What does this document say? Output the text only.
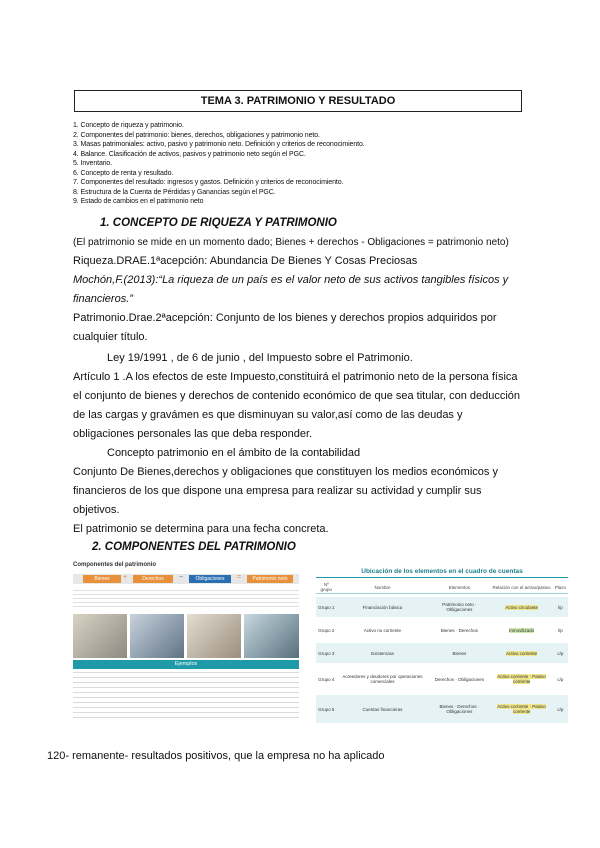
TEMA 3. PATRIMONIO Y RESULTADO
1. Concepto de riqueza y patrimonio.
2. Componentes del patrimonio: bienes, derechos, obligaciones y patrimonio neto.
3. Masas patrimoniales: activo, pasivo y patrimonio neto. Definición y criterios de reconocimiento.
4. Balance. Clasificación de activos, pasivos y patrimonio neto según el PGC.
5. Inventario.
6. Concepto de renta y resultado.
7. Componentes del resultado: ingresos y gastos. Definición y criterios de reconocimiento.
8. Estructura de la Cuenta de Pérdidas y Ganancias según el PGC.
9. Estado de cambios en el patrimonio neto
1. CONCEPTO DE RIQUEZA Y PATRIMONIO
(El patrimonio se mide en un momento dado; Bienes + derechos - Obligaciones = patrimonio neto)
Riqueza.DRAE.1ªacepción: Abundancia De Bienes Y Cosas Preciosas
Mochón,F.(2013):“La riqueza de un país es el valor neto de sus activos tangibles físicos y
financieros.”
Patrimonio.Drae.2ªacepción: Conjunto de los bienes y derechos propios adquiridos por
cualquier título.
Ley 19/1991 , de 6 de junio , del Impuesto sobre el Patrimonio.
Artículo 1 .A los efectos de este Impuesto,constituirá el patrimonio neto de la persona física
el conjunto de bienes y derechos de contenido económico de que sea titular, con deducción
de las cargas y gravámen es que disminuyan su valor,así como de las deudas y
obligaciones personales las que deba responder.
Concepto patrimonio en el ámbito de la contabilidad
Conjunto De Bienes,derechos y obligaciones que constituyen los medios económicos y
financieros de los que dispone una empresa para realizar su actividad y cumplir sus
objetivos.
El patrimonio se determina para una fecha concreta.
2. COMPONENTES DEL PATRIMONIO
Componentes del patrimonio
Bienes	+	Derechos	−	Obligaciones	=	Patrimonio neto
Ejemplos
Ubicación de los elementos en el cuadro de cuentas
Nº grupo	Nombre	Elementos	Relación con el activo/pasivo	Plazo
Grupo 1	Financiación básica	Patrimonio neto · Obligaciones	Activo circulante	l/p
Grupo 2	Activo no corriente	Bienes · Derechos	Inmovilizado	l/p
Grupo 3	Existencias	Bienes	Activo corriente	c/p
Grupo 4	Acreedores y deudores por operaciones comerciales	Derechos · Obligaciones	Activo corriente · Pasivo corriente	c/p
Grupo 5	Cuentas financieras	Bienes · Derechos · Obligaciones	Activo corriente · Pasivo corriente	c/p
120- remanente- resultados positivos, que la empresa no ha aplicado
